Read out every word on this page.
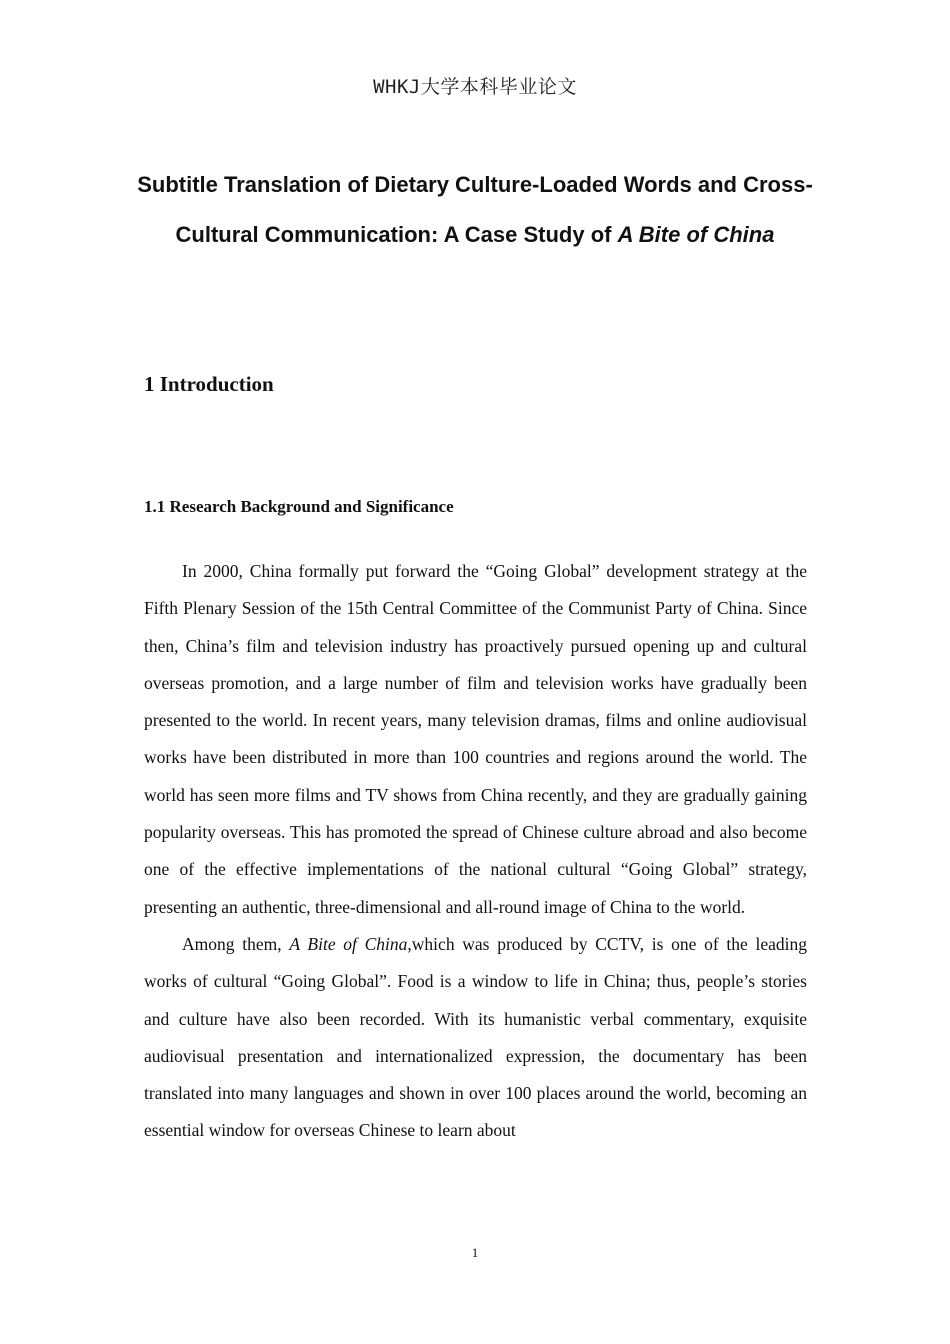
WHKJ大学本科毕业论文
Subtitle Translation of Dietary Culture-Loaded Words and Cross-Cultural Communication: A Case Study of A Bite of China
1 Introduction
1.1 Research Background and Significance

In 2000, China formally put forward the “Going Global” development strategy at the Fifth Plenary Session of the 15th Central Committee of the Communist Party of China. Since then, China’s film and television industry has proactively pursued opening up and cultural overseas promotion, and a large number of film and television works have gradually been presented to the world. In recent years, many television dramas, films and online audiovisual works have been distributed in more than 100 countries and regions around the world. The world has seen more films and TV shows from China recently, and they are gradually gaining popularity overseas. This has promoted the spread of Chinese culture abroad and also become one of the effective implementations of the national cultural “Going Global” strategy, presenting an authentic, three-dimensional and all-round image of China to the world.

Among them, A Bite of China,which was produced by CCTV, is one of the leading works of cultural “Going Global”. Food is a window to life in China; thus, people’s stories and culture have also been recorded. With its humanistic verbal commentary, exquisite audiovisual presentation and internationalized expression, the documentary has been translated into many languages and shown in over 100 places around the world, becoming an essential window for overseas Chinese to learn about

1
